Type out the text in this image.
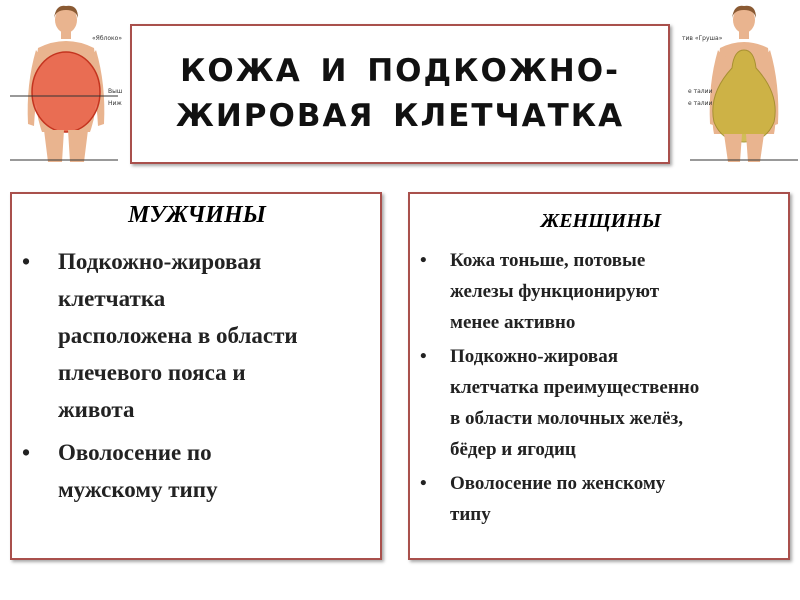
«Яблоко»
Выш
Ниж
тив «Груша»
е талии
е талии
КОЖА И ПОДКОЖНО-
ЖИРОВАЯ КЛЕТЧАТКА
МУЖЧИНЫ
• Подкожно-жировая
клетчатка
расположена в области
плечевого пояса и
живота
• Оволосение по
мужскому типу
ЖЕНЩИНЫ
• Кожа тоньше, потовые
железы функционируют
менее активно
• Подкожно-жировая
клетчатка преимущественно
в области молочных желёз,
бёдер и ягодиц
• Оволосение по женскому
типу
